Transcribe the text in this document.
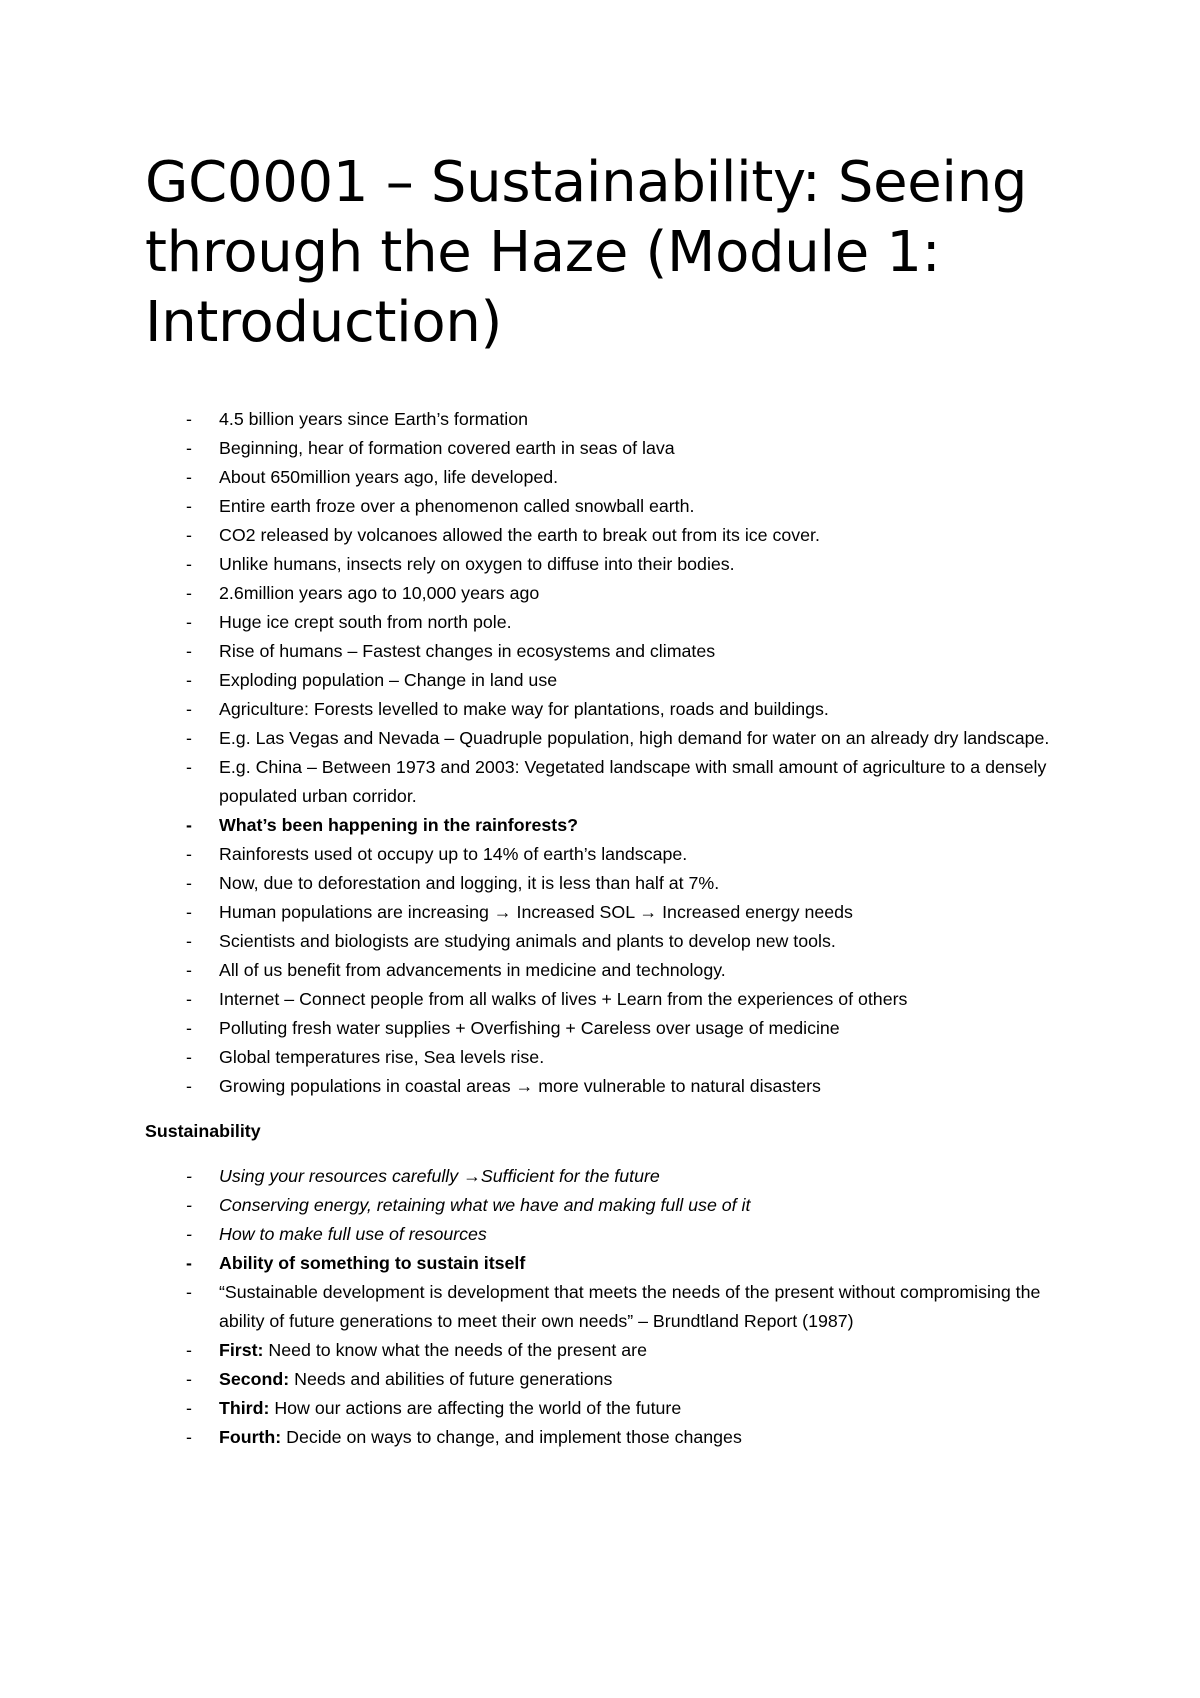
GC0001 – Sustainability: Seeing through the Haze (Module 1: Introduction)
- 4.5 billion years since Earth’s formation
- Beginning, hear of formation covered earth in seas of lava
- About 650million years ago, life developed.
- Entire earth froze over a phenomenon called snowball earth.
- CO2 released by volcanoes allowed the earth to break out from its ice cover.
- Unlike humans, insects rely on oxygen to diffuse into their bodies.
- 2.6million years ago to 10,000 years ago
- Huge ice crept south from north pole.
- Rise of humans – Fastest changes in ecosystems and climates
- Exploding population – Change in land use
- Agriculture: Forests levelled to make way for plantations, roads and buildings.
- E.g. Las Vegas and Nevada – Quadruple population, high demand for water on an already dry landscape.
- E.g. China – Between 1973 and 2003: Vegetated landscape with small amount of agriculture to a densely populated urban corridor.
- What’s been happening in the rainforests?
- Rainforests used ot occupy up to 14% of earth’s landscape.
- Now, due to deforestation and logging, it is less than half at 7%.
- Human populations are increasing → Increased SOL → Increased energy needs
- Scientists and biologists are studying animals and plants to develop new tools.
- All of us benefit from advancements in medicine and technology.
- Internet – Connect people from all walks of lives + Learn from the experiences of others
- Polluting fresh water supplies + Overfishing + Careless over usage of medicine
- Global temperatures rise, Sea levels rise.
- Growing populations in coastal areas → more vulnerable to natural disasters
Sustainability
- Using your resources carefully →Sufficient for the future
- Conserving energy, retaining what we have and making full use of it
- How to make full use of resources
- Ability of something to sustain itself
- “Sustainable development is development that meets the needs of the present without compromising the ability of future generations to meet their own needs” – Brundtland Report (1987)
- First: Need to know what the needs of the present are
- Second: Needs and abilities of future generations
- Third: How our actions are affecting the world of the future
- Fourth: Decide on ways to change, and implement those changes
